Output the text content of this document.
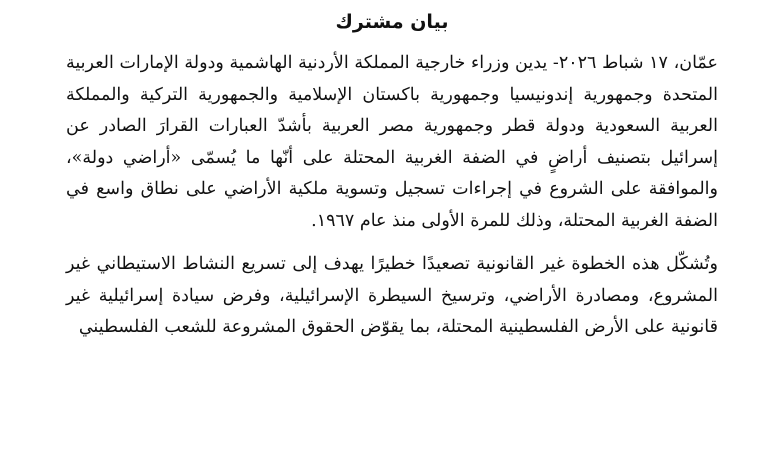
بيان مشترك

عمّان، ١٧ شباط ٢٠٢٦- يدين وزراء خارجية المملكة الأردنية الهاشمية ودولة الإمارات العربية المتحدة وجمهورية إندونيسيا وجمهورية باكستان الإسلامية والجمهورية التركية والمملكة العربية السعودية ودولة قطر وجمهورية مصر العربية بأشدّ العبارات القرارَ الصادر عن إسرائيل بتصنيف أراضٍ في الضفة الغربية المحتلة على أنّها ما يُسمّى «أراضي دولة»، والموافقة على الشروع في إجراءات تسجيل وتسوية ملكية الأراضي على نطاق واسع في الضفة الغربية المحتلة، وذلك للمرة الأولى منذ عام ١٩٦٧.

وتُشكّل هذه الخطوة غير القانونية تصعيدًا خطيرًا يهدف إلى تسريع النشاط الاستيطاني غير المشروع، ومصادرة الأراضي، وترسيخ السيطرة الإسرائيلية، وفرض سيادة إسرائيلية غير قانونية على الأرض الفلسطينية المحتلة، بما يقوّض الحقوق المشروعة للشعب الفلسطيني
